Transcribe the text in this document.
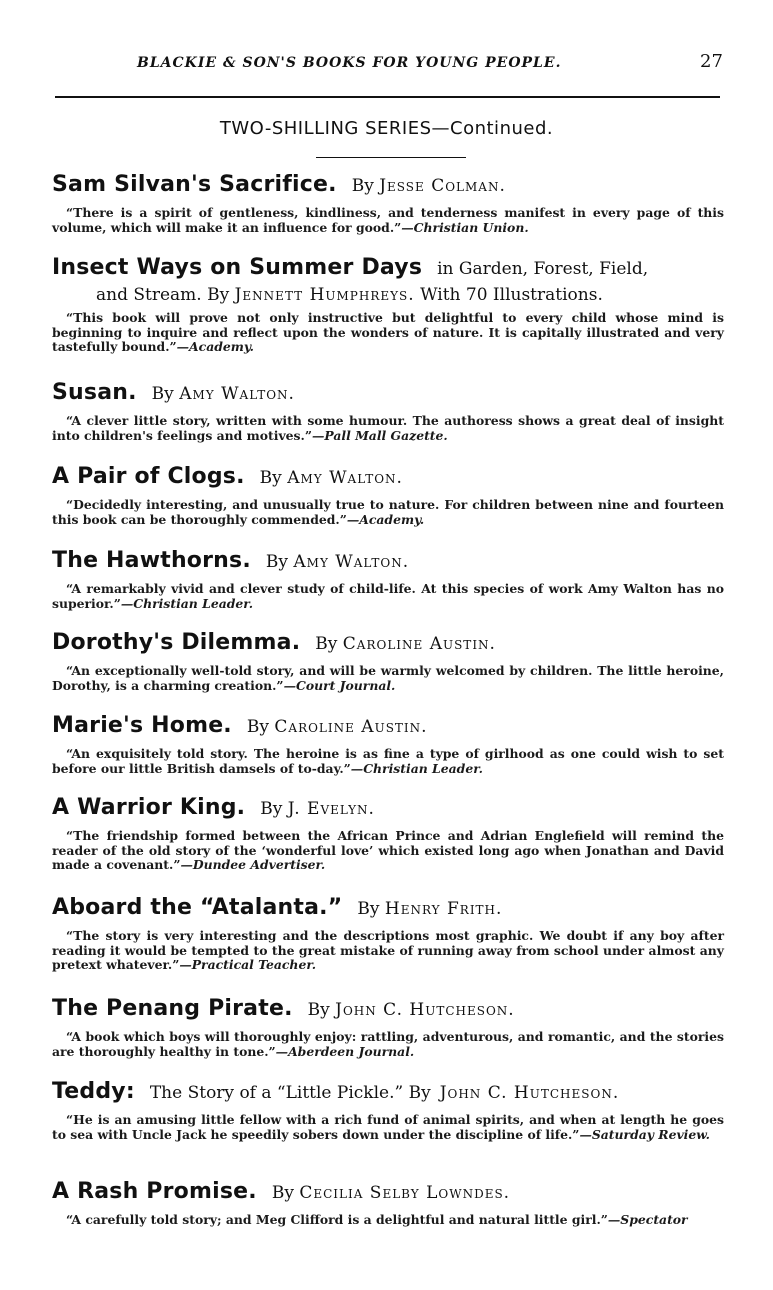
BLACKIE & SON'S BOOKS FOR YOUNG PEOPLE.	27
TWO-SHILLING SERIES—Continued.
Sam Silvan's Sacrifice. By Jesse Colman.
“There is a spirit of gentleness, kindliness, and tenderness manifest in every page of this volume, which will make it an influence for good.”—Christian Union.
Insect Ways on Summer Days in Garden, Forest, Field,
and Stream. By Jennett Humphreys. With 70 Illustrations.
“This book will prove not only instructive but delightful to every child whose mind is beginning to inquire and reflect upon the wonders of nature. It is capitally illustrated and very tastefully bound.”—Academy.
Susan. By Amy Walton.
“A clever little story, written with some humour. The authoress shows a great deal of insight into children's feelings and motives.”—Pall Mall Gazette.
A Pair of Clogs. By Amy Walton.
“Decidedly interesting, and unusually true to nature. For children between nine and fourteen this book can be thoroughly commended.”—Academy.
The Hawthorns. By Amy Walton.
“A remarkably vivid and clever study of child-life. At this species of work Amy Walton has no superior.”—Christian Leader.
Dorothy's Dilemma. By Caroline Austin.
“An exceptionally well-told story, and will be warmly welcomed by children. The little heroine, Dorothy, is a charming creation.”—Court Journal.
Marie's Home. By Caroline Austin.
“An exquisitely told story. The heroine is as fine a type of girlhood as one could wish to set before our little British damsels of to-day.”—Christian Leader.
A Warrior King. By J. Evelyn.
“The friendship formed between the African Prince and Adrian Englefield will remind the reader of the old story of the ‘wonderful love’ which existed long ago when Jonathan and David made a covenant.”—Dundee Advertiser.
Aboard the “Atalanta.” By Henry Frith.
“The story is very interesting and the descriptions most graphic. We doubt if any boy after reading it would be tempted to the great mistake of running away from school under almost any pretext whatever.”—Practical Teacher.
The Penang Pirate. By John C. Hutcheson.
“A book which boys will thoroughly enjoy: rattling, adventurous, and romantic, and the stories are thoroughly healthy in tone.”—Aberdeen Journal.
Teddy: The Story of a “Little Pickle.” By John C. Hutcheson.
“He is an amusing little fellow with a rich fund of animal spirits, and when at length he goes to sea with Uncle Jack he speedily sobers down under the discipline of life.”—Saturday Review.
A Rash Promise. By Cecilia Selby Lowndes.
“A carefully told story; and Meg Clifford is a delightful and natural little girl.”—Spectator
